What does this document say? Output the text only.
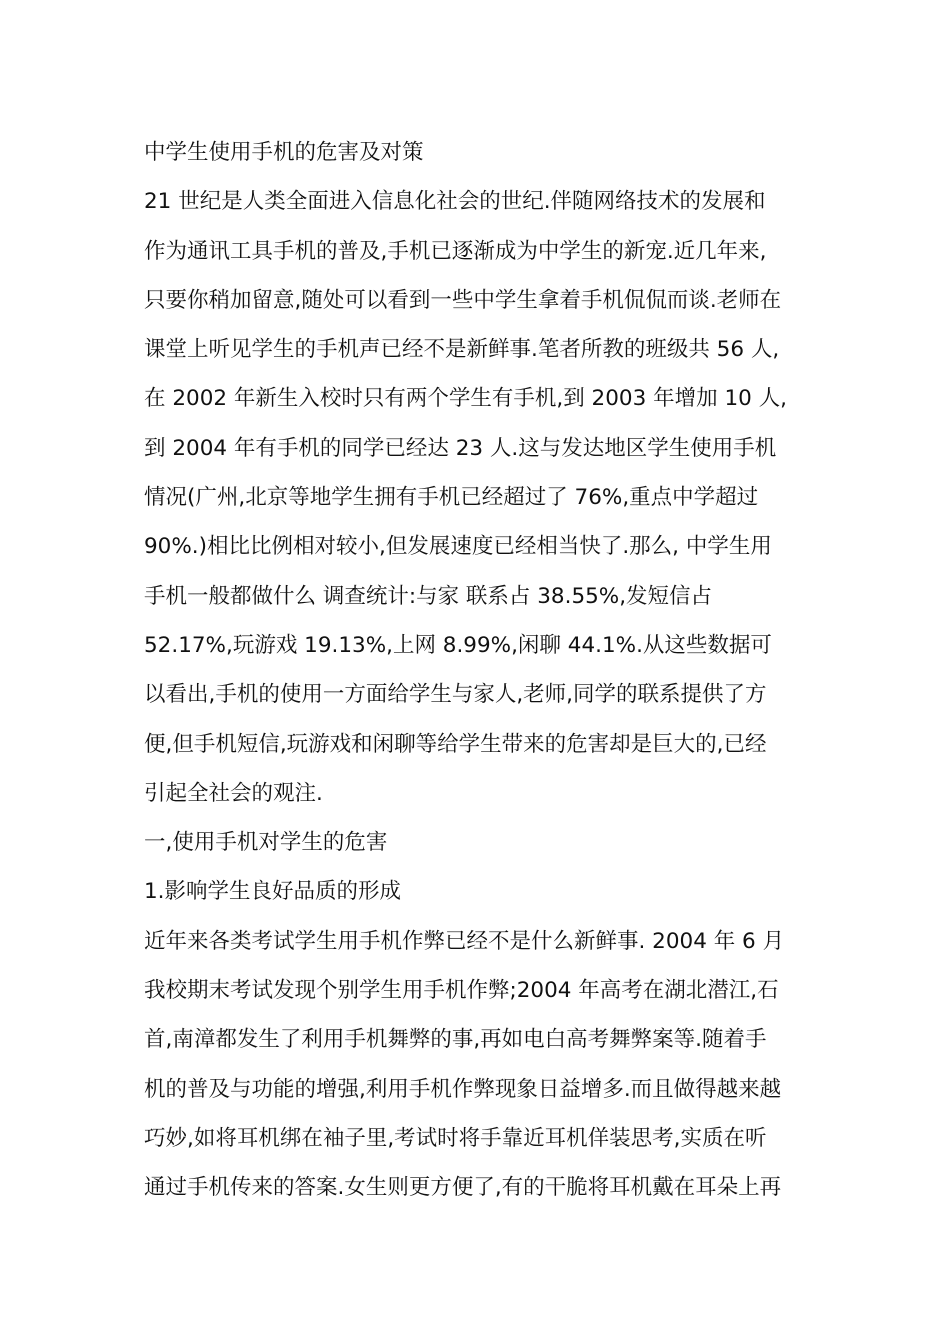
中学生使用手机的危害及对策
21 世纪是人类全面进入信息化社会的世纪.伴随网络技术的发展和
作为通讯工具手机的普及,手机已逐渐成为中学生的新宠.近几年来,
只要你稍加留意,随处可以看到一些中学生拿着手机侃侃而谈.老师在
课堂上听见学生的手机声已经不是新鲜事.笔者所教的班级共 56 人,
在 2002 年新生入校时只有两个学生有手机,到 2003 年增加 10 人,
到 2004 年有手机的同学已经达 23 人.这与发达地区学生使用手机
情况(广州,北京等地学生拥有手机已经超过了 76%,重点中学超过
90%.)相比比例相对较小,但发展速度已经相当快了.那么, 中学生用
手机一般都做什么 调查统计:与家 联系占 38.55%,发短信占
52.17%,玩游戏 19.13%,上网 8.99%,闲聊 44.1%.从这些数据可
以看出,手机的使用一方面给学生与家人,老师,同学的联系提供了方
便,但手机短信,玩游戏和闲聊等给学生带来的危害却是巨大的,已经
引起全社会的观注.
一,使用手机对学生的危害
1.影响学生良好品质的形成
近年来各类考试学生用手机作弊已经不是什么新鲜事. 2004 年 6 月
我校期末考试发现个别学生用手机作弊;2004 年高考在湖北潜江,石
首,南漳都发生了利用手机舞弊的事,再如电白高考舞弊案等.随着手
机的普及与功能的增强,利用手机作弊现象日益增多.而且做得越来越
巧妙,如将耳机绑在袖子里,考试时将手靠近耳机佯装思考,实质在听
通过手机传来的答案.女生则更方便了,有的干脆将耳机戴在耳朵上再
